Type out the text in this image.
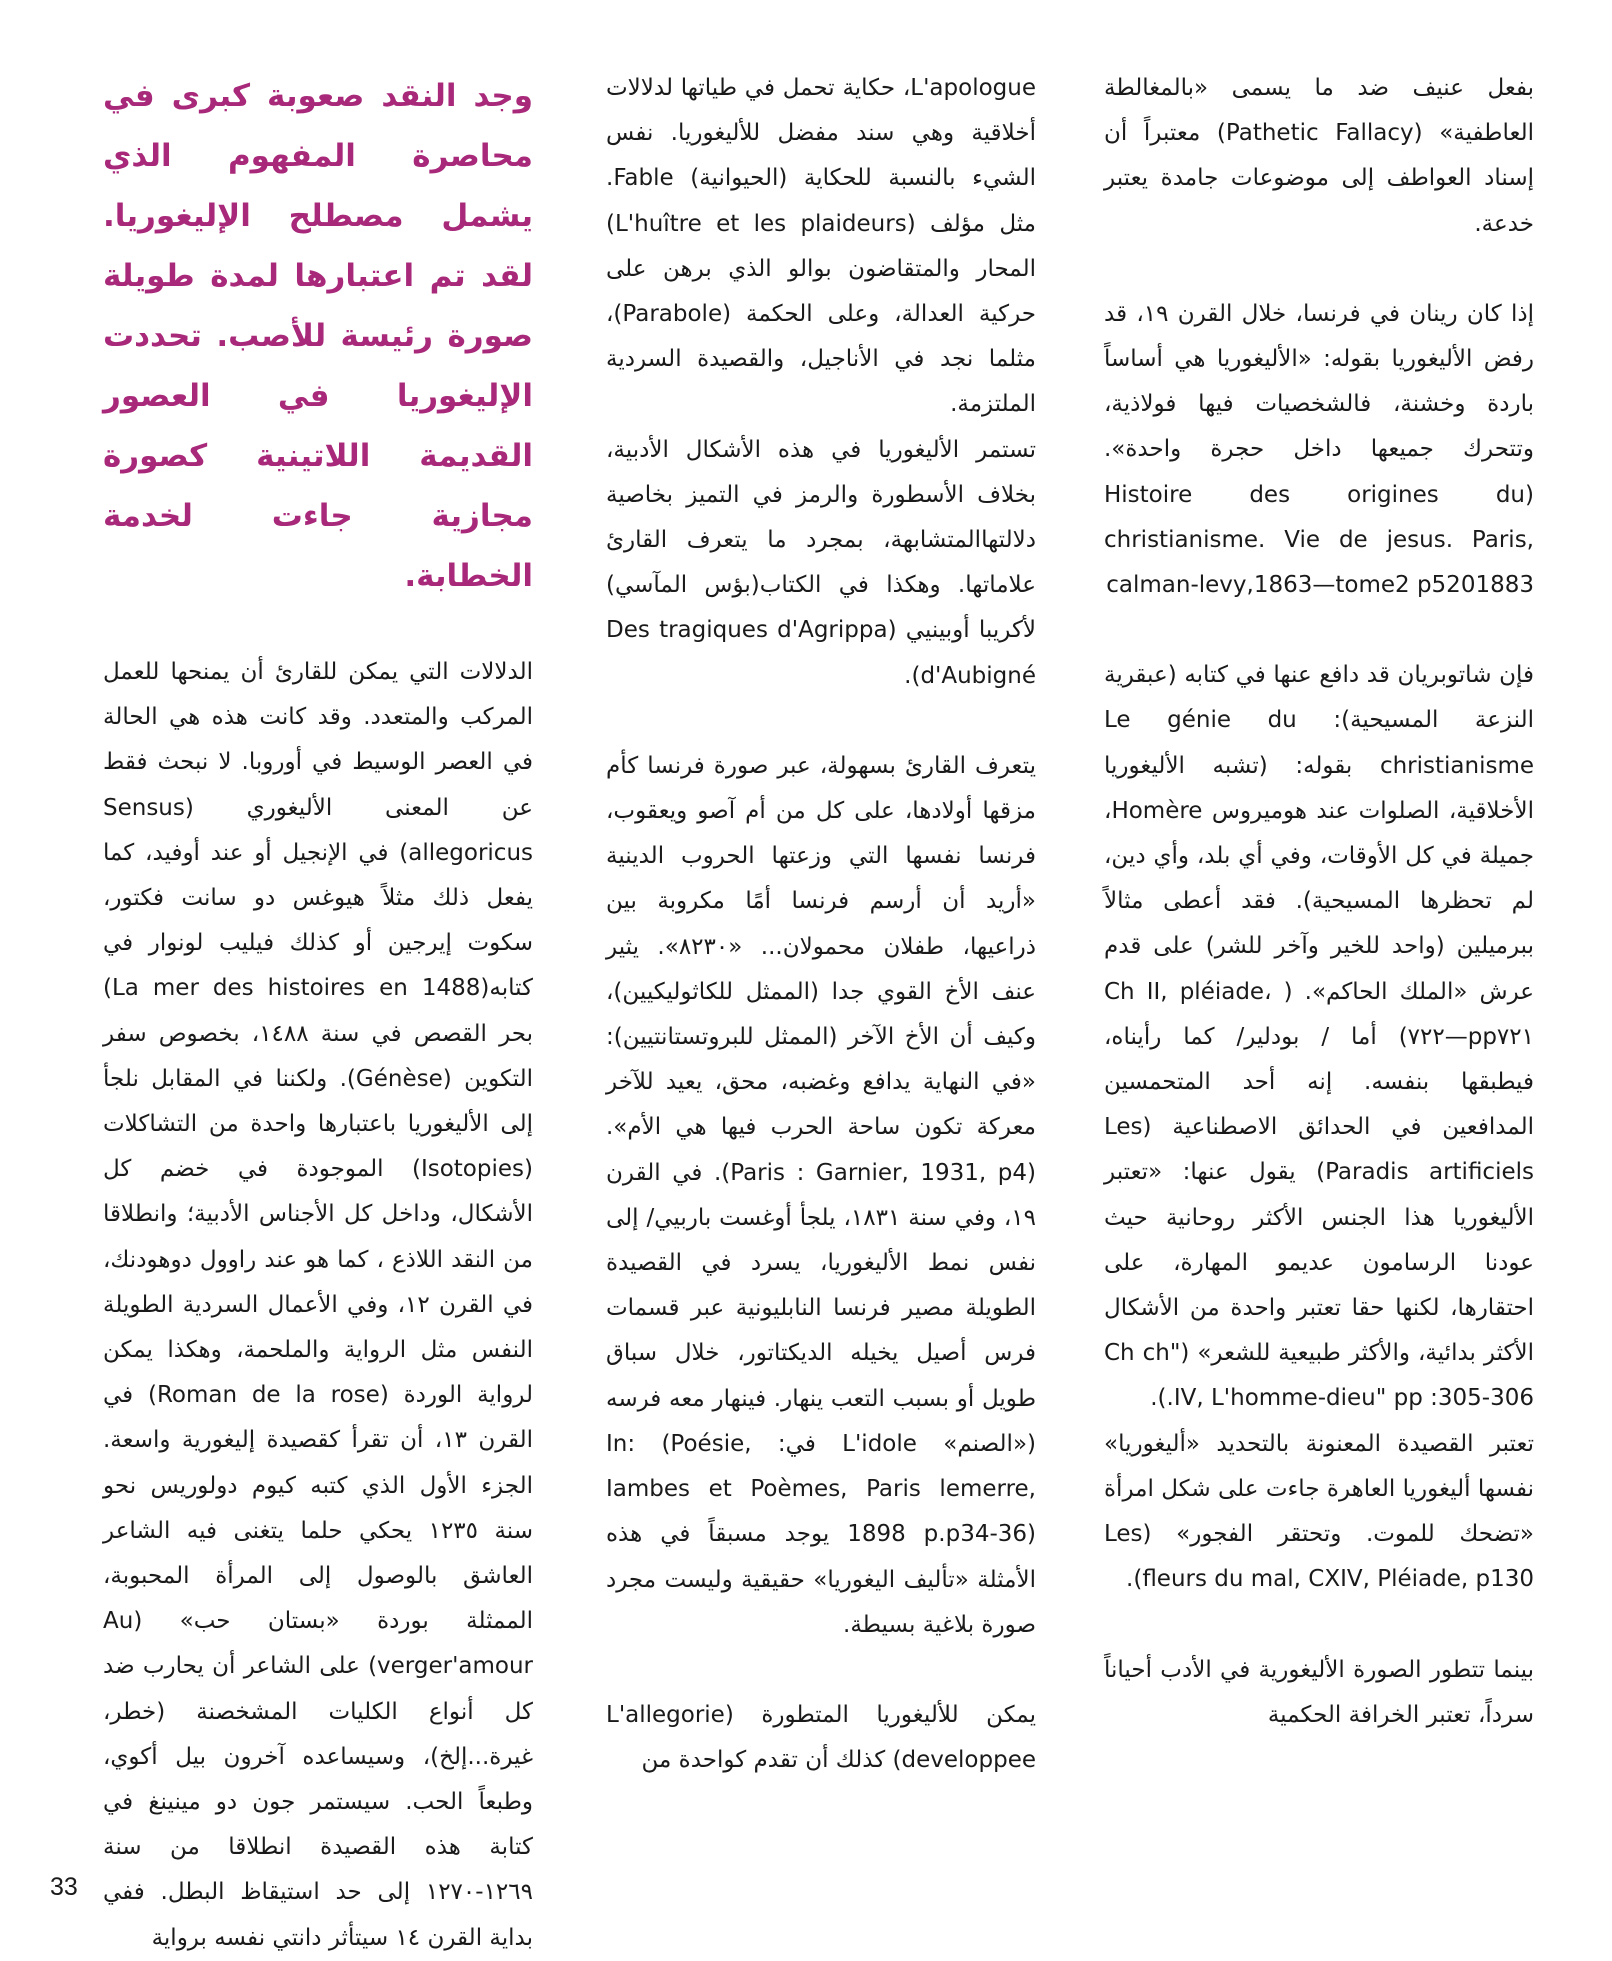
بفعل عنيف ضد ما يسمى «بالمغالطة العاطفية» (Pathetic Fallacy) معتبراً أن إسناد العواطف إلى موضوعات جامدة يعتبر خدعة.

إذا كان رينان في فرنسا، خلال القرن ١٩، قد رفض الأليغوريا بقوله: «الأليغوريا هي أساساً باردة وخشنة، فالشخصيات فيها فولاذية، وتتحرك جميعها داخل حجرة واحدة». (Histoire des origines du christianisme. Vie de jesus. Paris, calman-levy,1863—tome2 p5201883

فإن شاتوبريان قد دافع عنها في كتابه (عبقرية النزعة المسيحية): Le génie du christianisme بقوله: (تشبه الأليغوريا الأخلاقية، الصلوات عند هوميروس Homère، جميلة في كل الأوقات، وفي أي بلد، وأي دين، لم تحظرها المسيحية). فقد أعطى مثالاً ببرميلين (واحد للخير وآخر للشر) على قدم عرش «الملك الحاكم». ( Ch II, pléiade، pp٧٢١—٧٢٢) أما / بودلير/ كما رأيناه، فيطبقها بنفسه. إنه أحد المتحمسين المدافعين في الحدائق الاصطناعية (Les Paradis artificiels) يقول عنها: «تعتبر الأليغوريا هذا الجنس الأكثر روحانية حيث عودنا الرسامون عديمو المهارة، على احتقارها، لكنها حقا تعتبر واحدة من الأشكال الأكثر بدائية، والأكثر طبيعية للشعر» ("Ch ch .IV, L'homme-dieu" pp :305-306).

تعتبر القصيدة المعنونة بالتحديد «أليغوريا» نفسها أليغوريا العاهرة جاءت على شكل امرأة «تضحك للموت. وتحتقر الفجور» (Les fleurs du mal, CXIV, Pléiade, p130).

بينما تتطور الصورة الأليغورية في الأدب أحياناً سرداً، تعتبر الخرافة الحكمية

L'apologue، حكاية تحمل في طياتها لدلالات أخلاقية وهي سند مفضل للأليغوريا. نفس الشيء بالنسبة للحكاية (الحيوانية) Fable. مثل مؤلف (L'huître et les plaideurs) المحار والمتقاضون بوالو الذي برهن على حركية العدالة، وعلى الحكمة (Parabole)، مثلما نجد في الأناجيل، والقصيدة السردية الملتزمة.

تستمر الأليغوريا في هذه الأشكال الأدبية، بخلاف الأسطورة والرمز في التميز بخاصية دلالتهاالمتشابهة، بمجرد ما يتعرف القارئ علاماتها. وهكذا في الكتاب(بؤس المآسي) لأكريبا أوبينيي (Des tragiques d'Agrippa d'Aubigné).

يتعرف القارئ بسهولة، عبر صورة فرنسا كأم مزقها أولادها، على كل من أم آصو ويعقوب، فرنسا نفسها التي وزعتها الحروب الدينية «أريد أن أرسم فرنسا أمًا مكروبة بين ذراعيها، طفلان محمولان... «٨٢٣٠». يثير عنف الأخ القوي جدا (الممثل للكاثوليكيين)، وكيف أن الأخ الآخر (الممثل للبروتستانتيين): «في النهاية يدافع وغضبه، محق، يعيد للآخر معركة تكون ساحة الحرب فيها هي الأم». (Paris : Garnier, 1931, p4). في القرن ١٩، وفي سنة ١٨٣١، يلجأ أوغست باربيي/ إلى نفس نمط الأليغوريا، يسرد في القصيدة الطويلة مصير فرنسا النابليونية عبر قسمات فرس أصيل يخيله الديكتاتور، خلال سباق طويل أو بسبب التعب ينهار. فينهار معه فرسه («الصنم» L'idole في: In: (Poésie, Iambes et Poèmes, Paris lemerre, 1898 p.p34-36) يوجد مسبقاً في هذه الأمثلة «تأليف اليغوريا» حقيقية وليست مجرد صورة بلاغية بسيطة.

يمكن للأليغوريا المتطورة (L'allegorie developpee) كذلك أن تقدم كواحدة من

وجد النقد صعوبة كبرى في محاصرة المفهوم الذي يشمل مصطلح الإليغوريا. لقد تم اعتبارها لمدة طويلة صورة رئيسة للأصب. تحددت الإليغوريا في العصور القديمة اللاتينية كصورة مجازية جاءت لخدمة الخطابة.

الدلالات التي يمكن للقارئ أن يمنحها للعمل المركب والمتعدد. وقد كانت هذه هي الحالة في العصر الوسيط في أوروبا. لا نبحث فقط عن المعنى الأليغوري (Sensus allegoricus) في الإنجيل أو عند أوفيد، كما يفعل ذلك مثلاً هيوغس دو سانت فكتور، سكوت إيرجين أو كذلك فيليب لونوار في كتابه(La mer des histoires en 1488) بحر القصص في سنة ١٤٨٨، بخصوص سفر التكوين (Génèse). ولكننا في المقابل نلجأ إلى الأليغوريا باعتبارها واحدة من التشاكلات (Isotopies) الموجودة في خضم كل الأشكال، وداخل كل الأجناس الأدبية؛ وانطلاقا من النقد اللاذع ، كما هو عند راوول دوهودنك، في القرن ١٢، وفي الأعمال السردية الطويلة النفس مثل الرواية والملحمة، وهكذا يمكن لرواية الوردة (Roman de la rose) في القرن ١٣، أن تقرأ كقصيدة إليغورية واسعة. الجزء الأول الذي كتبه كيوم دولوريس نحو سنة ١٢٣٥ يحكي حلما يتغنى فيه الشاعر العاشق بالوصول إلى المرأة المحبوبة، الممثلة بوردة «بستان حب» (Au verger'amour) على الشاعر أن يحارب ضد كل أنواع الكليات المشخصنة (خطر، غيرة...إلخ)، وسيساعده آخرون بيل أكوي، وطبعاً الحب. سيستمر جون دو مينينغ في كتابة هذه القصيدة انطلاقا من سنة ١٢٦٩-١٢٧٠ إلى حد استيقاظ البطل. ففي بداية القرن ١٤ سيتأثر دانتي نفسه برواية

33
